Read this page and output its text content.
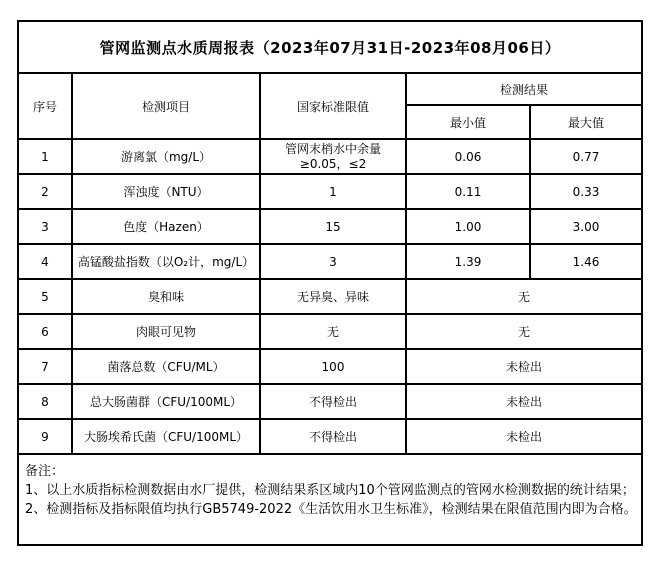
管网监测点水质周报表（2023年07月31日-2023年08月06日）
序号	检测项目	国家标准限值	检测结果	
			最小值	最大值
1	游离氯（mg/L）	管网末梢水中余量≥0.05，≤2	0.06	0.77
2	浑浊度（NTU）	1	0.11	0.33
3	色度（Hazen）	15	1.00	3.00
4	高锰酸盐指数（以O₂计，mg/L）	3	1.39	1.46
5	臭和味	无异臭、异味	无	
6	肉眼可见物	无	无	
7	菌落总数（CFU/ML）	100	未检出	
8	总大肠菌群（CFU/100ML）	不得检出	未检出	
9	大肠埃希氏菌（CFU/100ML）	不得检出	未检出	
备注：
1、以上水质指标检测数据由水厂提供，检测结果系区域内10个管网监测点的管网水检测数据的统计结果；
2、检测指标及指标限值均执行GB5749-2022《生活饮用水卫生标准》，检测结果在限值范围内即为合格。
